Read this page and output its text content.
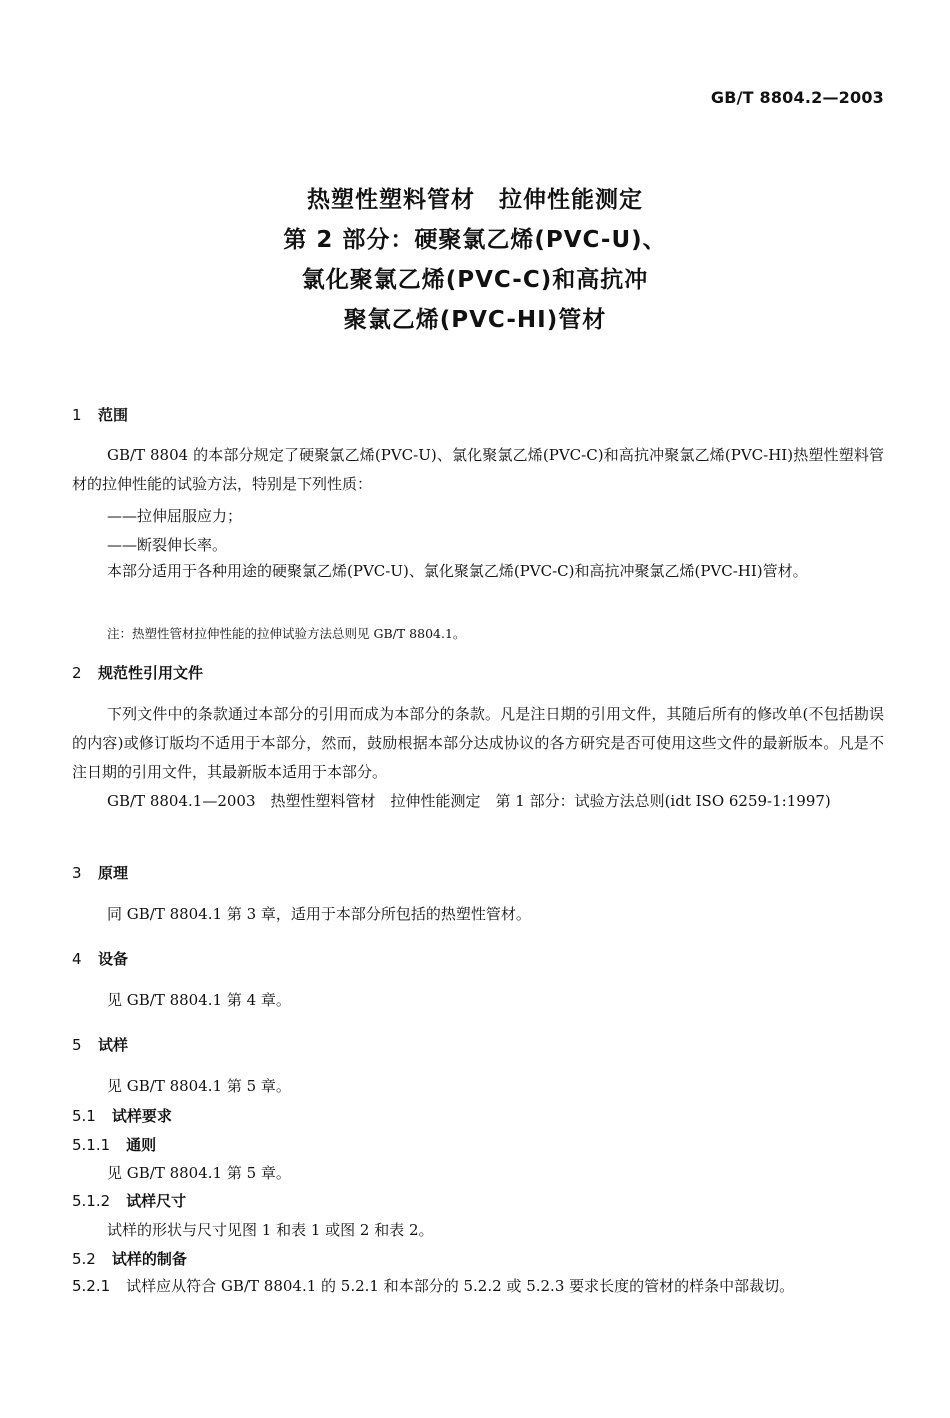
GB/T 8804.2—2003
热塑性塑料管材　拉伸性能测定
第 2 部分：硬聚氯乙烯(PVC-U)、
氯化聚氯乙烯(PVC-C)和高抗冲
聚氯乙烯(PVC-HI)管材
1 范围
GB/T 8804 的本部分规定了硬聚氯乙烯(PVC-U)、氯化聚氯乙烯(PVC-C)和高抗冲聚氯乙烯(PVC-HI)热塑性塑料管材的拉伸性能的试验方法，特别是下列性质：
——拉伸屈服应力；
——断裂伸长率。
本部分适用于各种用途的硬聚氯乙烯(PVC-U)、氯化聚氯乙烯(PVC-C)和高抗冲聚氯乙烯(PVC-HI)管材。
注：热塑性管材拉伸性能的拉伸试验方法总则见 GB/T 8804.1。
2 规范性引用文件
下列文件中的条款通过本部分的引用而成为本部分的条款。凡是注日期的引用文件，其随后所有的修改单(不包括勘误的内容)或修订版均不适用于本部分，然而，鼓励根据本部分达成协议的各方研究是否可使用这些文件的最新版本。凡是不注日期的引用文件，其最新版本适用于本部分。
GB/T 8804.1—2003　热塑性塑料管材　拉伸性能测定　第 1 部分：试验方法总则(idt ISO 6259-1:1997)
3 原理
同 GB/T 8804.1 第 3 章，适用于本部分所包括的热塑性管材。
4 设备
见 GB/T 8804.1 第 4 章。
5 试样
见 GB/T 8804.1 第 5 章。
5.1 试样要求
5.1.1 通则
见 GB/T 8804.1 第 5 章。
5.1.2 试样尺寸
试样的形状与尺寸见图 1 和表 1 或图 2 和表 2。
5.2 试样的制备
5.2.1 试样应从符合 GB/T 8804.1 的 5.2.1 和本部分的 5.2.2 或 5.2.3 要求长度的管材的样条中部裁切。
